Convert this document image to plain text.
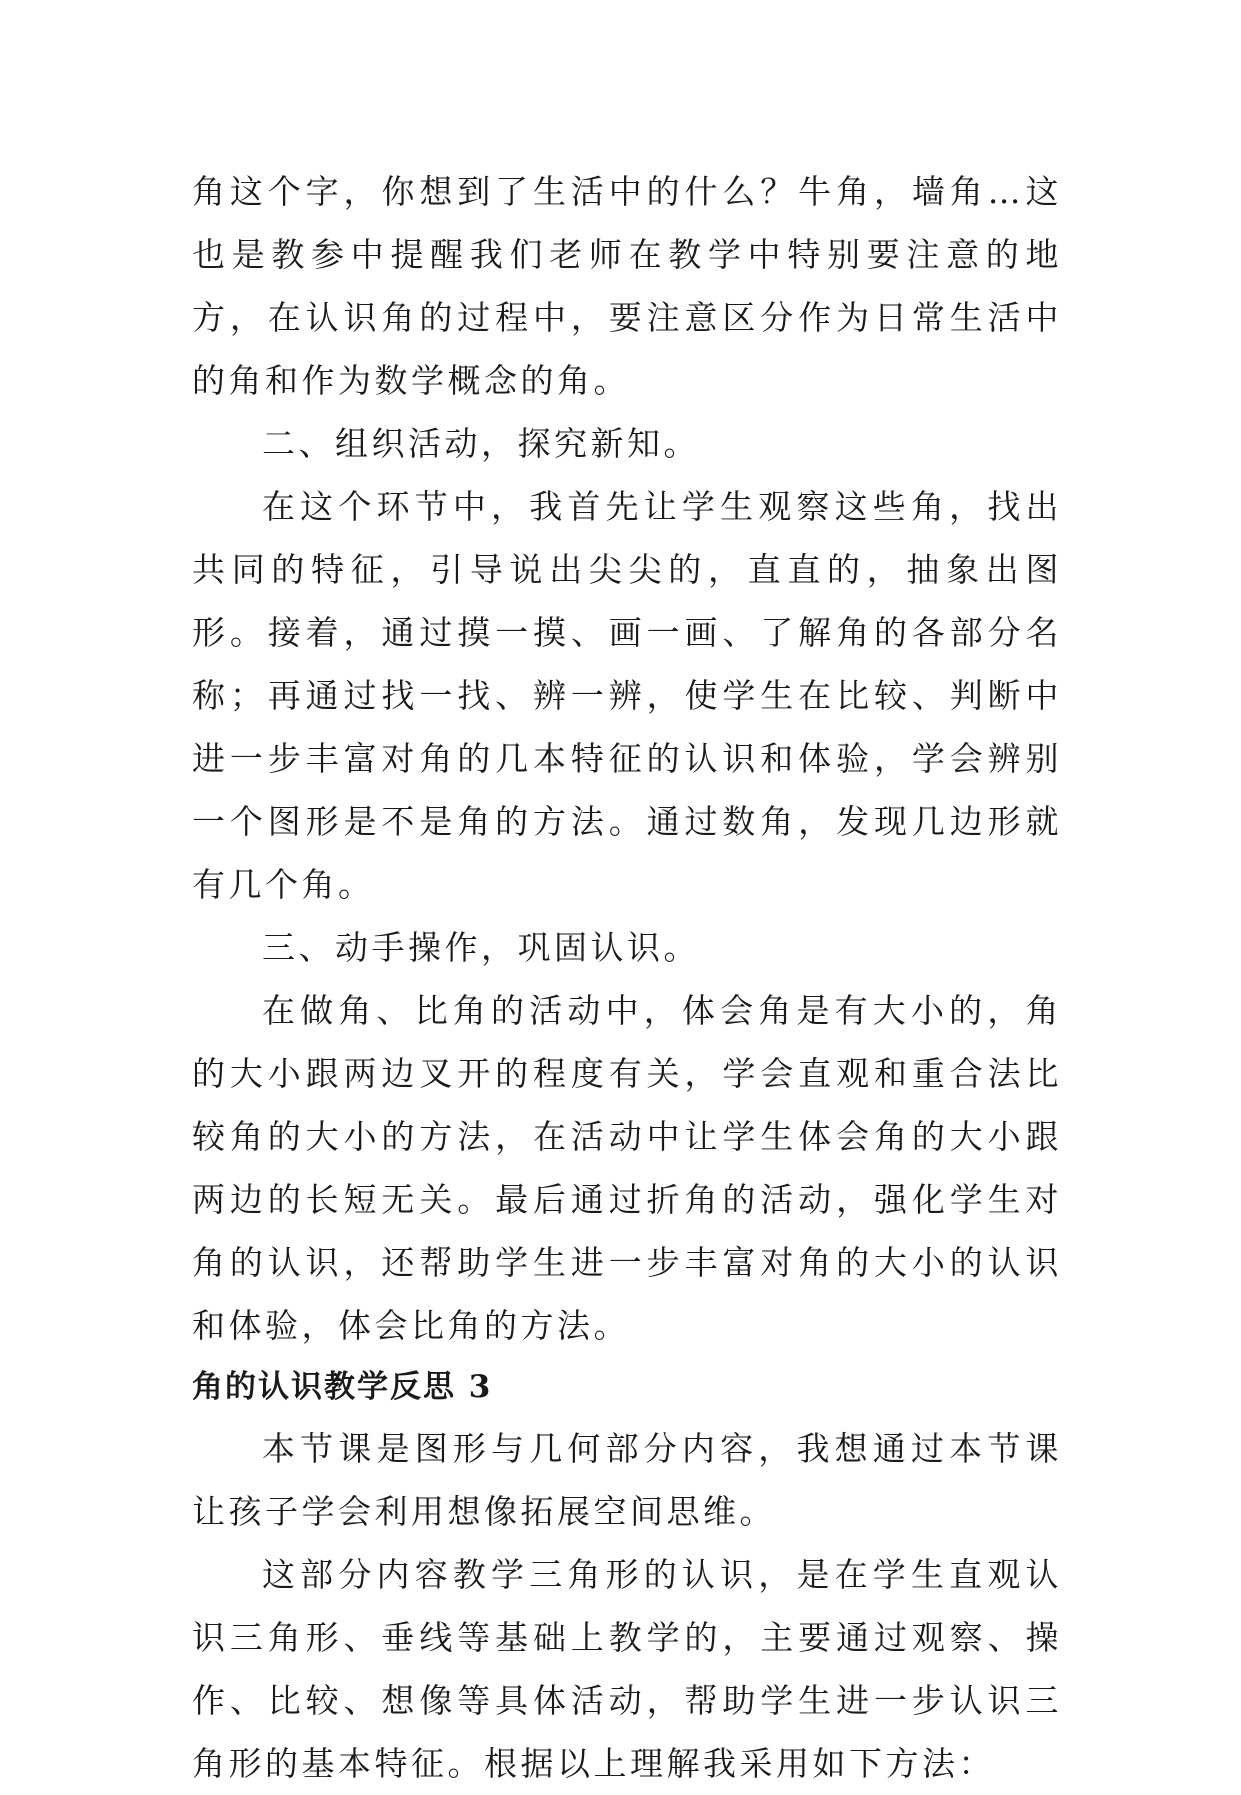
角这个字，你想到了生活中的什么？牛角，墙角…这也是教参中提醒我们老师在教学中特别要注意的地方，在认识角的过程中，要注意区分作为日常生活中的角和作为数学概念的角。

二、组织活动，探究新知。

在这个环节中，我首先让学生观察这些角，找出共同的特征，引导说出尖尖的，直直的，抽象出图形。接着，通过摸一摸、画一画、了解角的各部分名称；再通过找一找、辨一辨，使学生在比较、判断中进一步丰富对角的几本特征的认识和体验，学会辨别一个图形是不是角的方法。通过数角，发现几边形就有几个角。

三、动手操作，巩固认识。

在做角、比角的活动中，体会角是有大小的，角的大小跟两边叉开的程度有关，学会直观和重合法比较角的大小的方法，在活动中让学生体会角的大小跟两边的长短无关。最后通过折角的活动，强化学生对角的认识，还帮助学生进一步丰富对角的大小的认识和体验，体会比角的方法。

角的认识教学反思 3

本节课是图形与几何部分内容，我想通过本节课让孩子学会利用想像拓展空间思维。

这部分内容教学三角形的认识，是在学生直观认识三角形、垂线等基础上教学的，主要通过观察、操作、比较、想像等具体活动，帮助学生进一步认识三角形的基本特征。根据以上理解我采用如下方法：
